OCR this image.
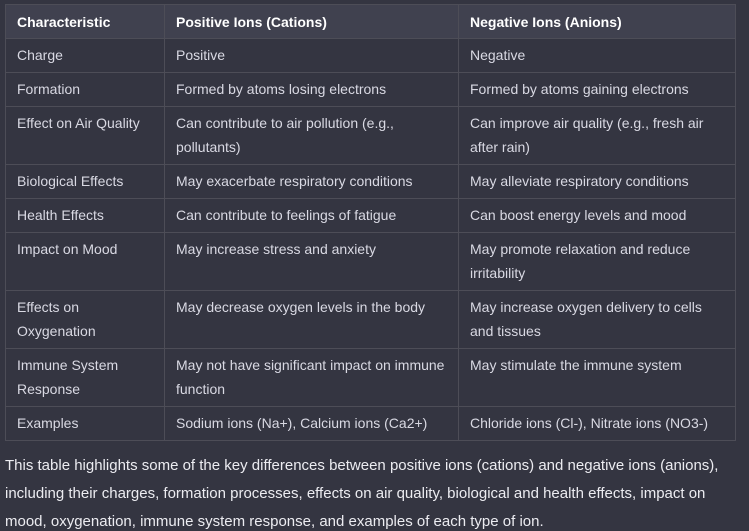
Characteristic	Positive Ions (Cations)	Negative Ions (Anions)
Charge	Positive	Negative
Formation	Formed by atoms losing electrons	Formed by atoms gaining electrons
Effect on Air Quality	Can contribute to air pollution (e.g., pollutants)	Can improve air quality (e.g., fresh air after rain)
Biological Effects	May exacerbate respiratory conditions	May alleviate respiratory conditions
Health Effects	Can contribute to feelings of fatigue	Can boost energy levels and mood
Impact on Mood	May increase stress and anxiety	May promote relaxation and reduce irritability
Effects on Oxygenation	May decrease oxygen levels in the body	May increase oxygen delivery to cells and tissues
Immune System Response	May not have significant impact on immune function	May stimulate the immune system
Examples	Sodium ions (Na+), Calcium ions (Ca2+)	Chloride ions (Cl-), Nitrate ions (NO3-)

This table highlights some of the key differences between positive ions (cations) and negative ions (anions), including their charges, formation processes, effects on air quality, biological and health effects, impact on mood, oxygenation, immune system response, and examples of each type of ion.
